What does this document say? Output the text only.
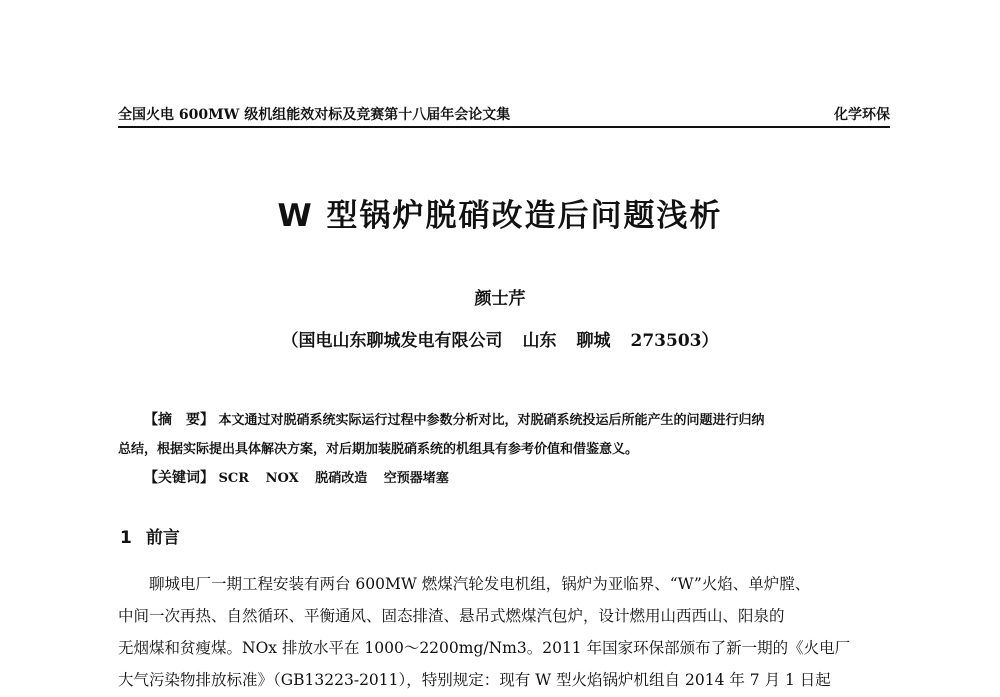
全国火电 600MW 级机组能效对标及竞赛第十八届年会论文集	化学环保
W 型锅炉脱硝改造后问题浅析
颜士芹
（国电山东聊城发电有限公司 山东 聊城 273503）
【摘　要】 本文通过对脱硝系统实际运行过程中参数分析对比，对脱硝系统投运后所能产生的问题进行归纳
总结，根据实际提出具体解决方案，对后期加装脱硝系统的机组具有参考价值和借鉴意义。
【关键词】 SCR NOX 脱硝改造 空预器堵塞
1 前言
聊城电厂一期工程安装有两台 600MW 燃煤汽轮发电机组，锅炉为亚临界、“W”火焰、单炉膛、
中间一次再热、自然循环、平衡通风、固态排渣、悬吊式燃煤汽包炉，设计燃用山西西山、阳泉的
无烟煤和贫瘦煤。NOx 排放水平在 1000～2200mg/Nm3。2011 年国家环保部颁布了新一期的《火电厂
大气污染物排放标准》（GB13223-2011），特别规定：现有 W 型火焰锅炉机组自 2014 年 7 月 1 日起
